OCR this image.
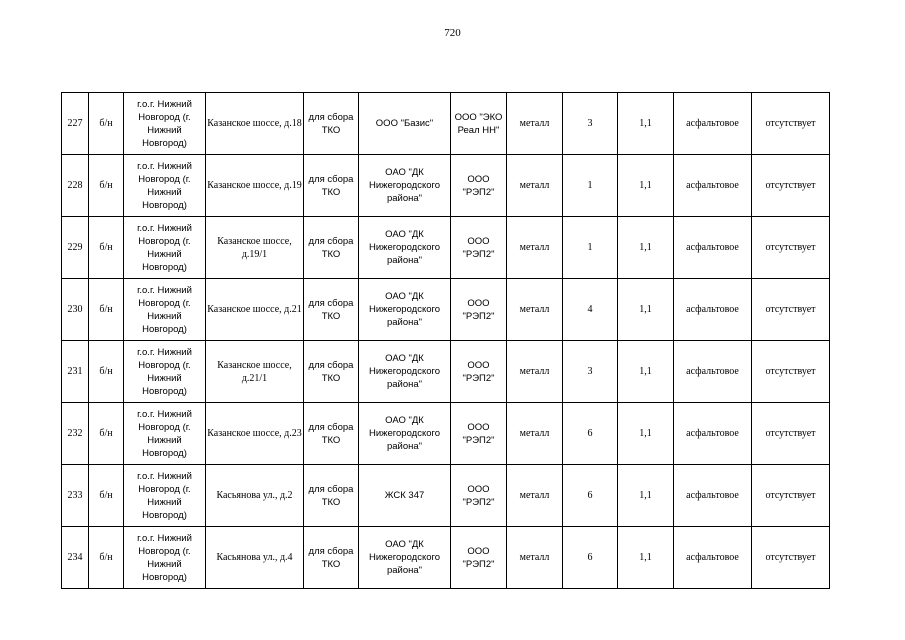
720
227	б/н	г.о.г. Нижний Новгород (г. Нижний Новгород)	Казанское шоссе, д.18	для сбора ТКО	ООО "Базис"	ООО "ЭКО Реал НН"	металл	3	1,1	асфальтовое	отсутствует
228	б/н	г.о.г. Нижний Новгород (г. Нижний Новгород)	Казанское шоссе, д.19	для сбора ТКО	ОАО "ДК Нижегородского района"	ООО "РЭП2"	металл	1	1,1	асфальтовое	отсутствует
229	б/н	г.о.г. Нижний Новгород (г. Нижний Новгород)	Казанское шоссе, д.19/1	для сбора ТКО	ОАО "ДК Нижегородского района"	ООО "РЭП2"	металл	1	1,1	асфальтовое	отсутствует
230	б/н	г.о.г. Нижний Новгород (г. Нижний Новгород)	Казанское шоссе, д.21	для сбора ТКО	ОАО "ДК Нижегородского района"	ООО "РЭП2"	металл	4	1,1	асфальтовое	отсутствует
231	б/н	г.о.г. Нижний Новгород (г. Нижний Новгород)	Казанское шоссе, д.21/1	для сбора ТКО	ОАО "ДК Нижегородского района"	ООО "РЭП2"	металл	3	1,1	асфальтовое	отсутствует
232	б/н	г.о.г. Нижний Новгород (г. Нижний Новгород)	Казанское шоссе, д.23	для сбора ТКО	ОАО "ДК Нижегородского района"	ООО "РЭП2"	металл	6	1,1	асфальтовое	отсутствует
233	б/н	г.о.г. Нижний Новгород (г. Нижний Новгород)	Касьянова ул., д.2	для сбора ТКО	ЖСК 347	ООО "РЭП2"	металл	6	1,1	асфальтовое	отсутствует
234	б/н	г.о.г. Нижний Новгород (г. Нижний Новгород)	Касьянова ул., д.4	для сбора ТКО	ОАО "ДК Нижегородского района"	ООО "РЭП2"	металл	6	1,1	асфальтовое	отсутствует
